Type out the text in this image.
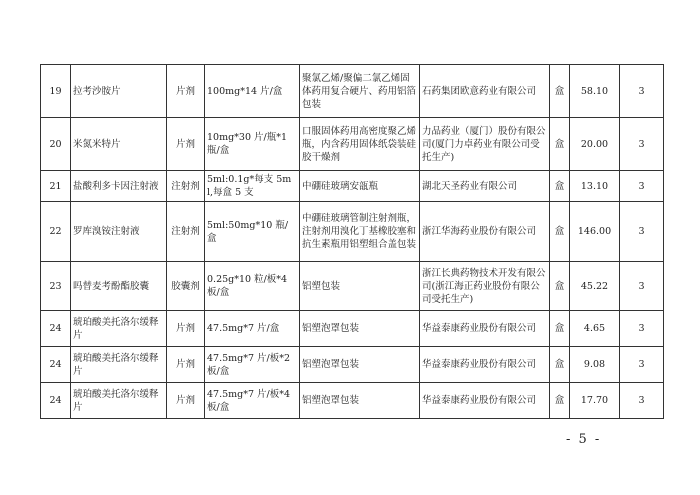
19	拉考沙胺片	片剂	100mg*14 片/盒	聚氯乙烯/聚偏二氯乙烯固体药用复合硬片、药用铝箔包装	石药集团欧意药业有限公司	盒	58.10	3
20	米氮米特片	片剂	10mg*30 片/瓶*1 瓶/盒	口服固体药用高密度聚乙烯瓶，内含药用固体纸袋装硅胶干燥剂	力品药业（厦门）股份有限公司(厦门力卓药业有限公司受托生产)	盒	20.00	3
21	盐酸利多卡因注射液	注射剂	5ml:0.1g*每支 5ml,每盒 5 支	中硼硅玻璃安瓿瓶	湖北天圣药业有限公司	盒	13.10	3
22	罗库溴铵注射液	注射剂	5ml:50mg*10 瓶/盒	中硼硅玻璃管制注射剂瓶，注射剂用溴化丁基橡胶塞和抗生素瓶用铝塑组合盖包装	浙江华海药业股份有限公司	盒	146.00	3
23	吗替麦考酚酯胶囊	胶囊剂	0.25g*10 粒/板*4 板/盒	铝塑包装	浙江长典药物技术开发有限公司(浙江海正药业股份有限公司受托生产)	盒	45.22	3
24	琥珀酸美托洛尔缓释片	片剂	47.5mg*7 片/盒	铝塑泡罩包装	华益泰康药业股份有限公司	盒	4.65	3
24	琥珀酸美托洛尔缓释片	片剂	47.5mg*7 片/板*2 板/盒	铝塑泡罩包装	华益泰康药业股份有限公司	盒	9.08	3
24	琥珀酸美托洛尔缓释片	片剂	47.5mg*7 片/板*4 板/盒	铝塑泡罩包装	华益泰康药业股份有限公司	盒	17.70	3
- 5 -
